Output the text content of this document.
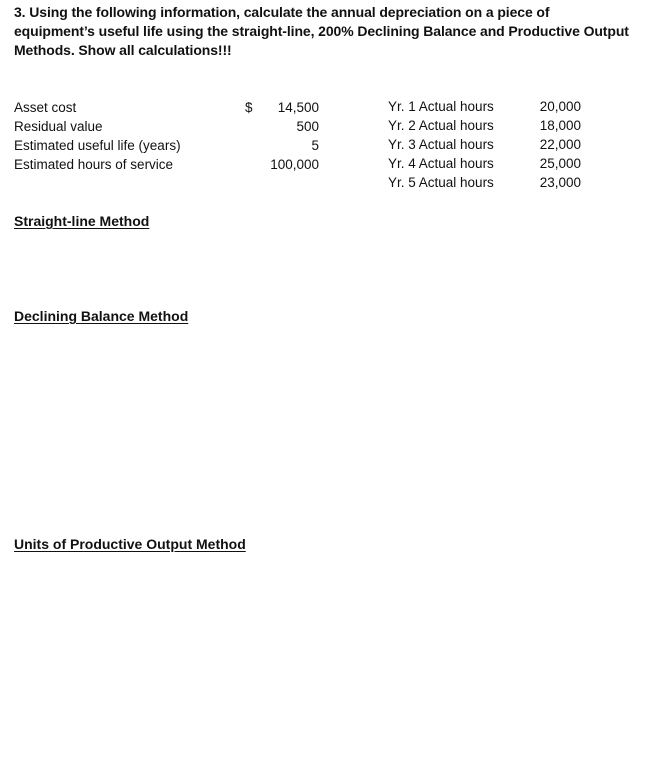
3. Using the following information, calculate the annual depreciation on a piece of equipment’s useful life using the straight-line, 200% Declining Balance and Productive Output Methods. Show all calculations!!!
Asset cost
Residual value
Estimated useful life (years)
Estimated hours of service
$ 14,500
500
5
100,000
Yr. 1 Actual hours
Yr. 2 Actual hours
Yr. 3 Actual hours
Yr. 4 Actual hours
Yr. 5 Actual hours
20,000
18,000
22,000
25,000
23,000
Straight-line Method
Declining Balance Method
Units of Productive Output Method
